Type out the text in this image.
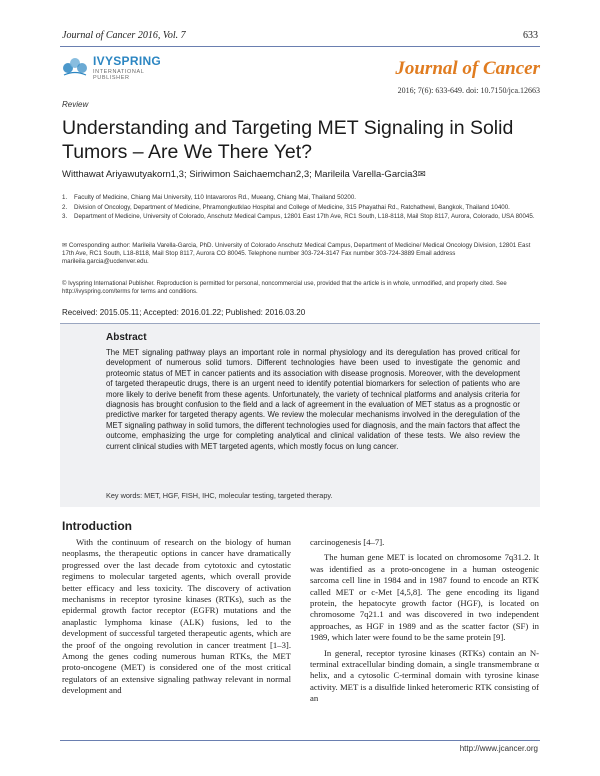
Journal of Cancer 2016, Vol. 7	633
IVYSPRING
INTERNATIONAL PUBLISHER	Journal of Cancer
2016; 7(6): 633-649. doi: 10.7150/jca.12663
Review
Understanding and Targeting MET Signaling in Solid Tumors – Are We There Yet?
Witthawat Ariyawutyakorn1,3; Siriwimon Saichaemchan2,3; Marileila Varella-Garcia3✉
1. Faculty of Medicine, Chiang Mai University, 110 Intavaroros Rd., Mueang, Chiang Mai, Thailand 50200.
2. Division of Oncology, Department of Medicine, Phramongkutklao Hospital and College of Medicine, 315 Phayathai Rd., Ratchathewi, Bangkok, Thailand 10400.
3. Department of Medicine, University of Colorado, Anschutz Medical Campus, 12801 East 17th Ave, RC1 South, L18-8118, Mail Stop 8117, Aurora, Colorado, USA 80045.
✉ Corresponding author: Marileila Varella-Garcia, PhD. University of Colorado Anschutz Medical Campus, Department of Medicine/ Medical Oncology Division, 12801 East 17th Ave, RC1 South, L18-8118, Mail Stop 8117, Aurora CO 80045. Telephone number 303-724-3147 Fax number 303-724-3889 Email address marileila.garcia@ucdenver.edu.
© Ivyspring International Publisher. Reproduction is permitted for personal, noncommercial use, provided that the article is in whole, unmodified, and properly cited. See http://ivyspring.com/terms for terms and conditions.
Received: 2015.05.11; Accepted: 2016.01.22; Published: 2016.03.20
Abstract
The MET signaling pathway plays an important role in normal physiology and its deregulation has proved critical for development of numerous solid tumors. Different technologies have been used to investigate the genomic and proteomic status of MET in cancer patients and its association with disease prognosis. Moreover, with the development of targeted therapeutic drugs, there is an urgent need to identify potential biomarkers for selection of patients who are more likely to derive benefit from these agents. Unfortunately, the variety of technical platforms and analysis criteria for diagnosis has brought confusion to the field and a lack of agreement in the evaluation of MET status as a prognostic or predictive marker for targeted therapy agents. We review the molecular mechanisms involved in the deregulation of the MET signaling pathway in solid tumors, the different technologies used for diagnosis, and the main factors that affect the outcome, emphasizing the urge for completing analytical and clinical validation of these tests. We also review the current clinical studies with MET targeted agents, which mostly focus on lung cancer.
Key words: MET, HGF, FISH, IHC, molecular testing, targeted therapy.
Introduction

With the continuum of research on the biology of human neoplasms, the therapeutic options in cancer have dramatically progressed over the last decade from cytotoxic and cytostatic regimens to molecular targeted agents, which overall provide better efficacy and less toxicity. The discovery of activation mechanisms in receptor tyrosine kinases (RTKs), such as the epidermal growth factor receptor (EGFR) mutations and the anaplastic lymphoma kinase (ALK) fusions, led to the development of successful targeted therapeutic agents, which are the proof of the ongoing revolution in cancer treatment [1–3]. Among the genes coding numerous human RTKs, the MET proto-oncogene (MET) is considered one of the most critical regulators of an extensive signaling pathway relevant in normal development and

carcinogenesis [4–7].

The human gene MET is located on chromosome 7q31.2. It was identified as a proto-oncogene in a human osteogenic sarcoma cell line in 1984 and in 1987 found to encode an RTK called MET or c-Met [4,5,8]. The gene encoding its ligand protein, the hepatocyte growth factor (HGF), is located on chromosome 7q21.1 and was discovered in two independent approaches, as HGF in 1989 and as the scatter factor (SF) in 1989, which later were found to be the same protein [9].

In general, receptor tyrosine kinases (RTKs) contain an N-terminal extracellular binding domain, a single transmembrane α helix, and a cytosolic C-terminal domain with tyrosine kinase activity. MET is a disulfide linked heteromeric RTK consisting of an

http://www.jcancer.org
